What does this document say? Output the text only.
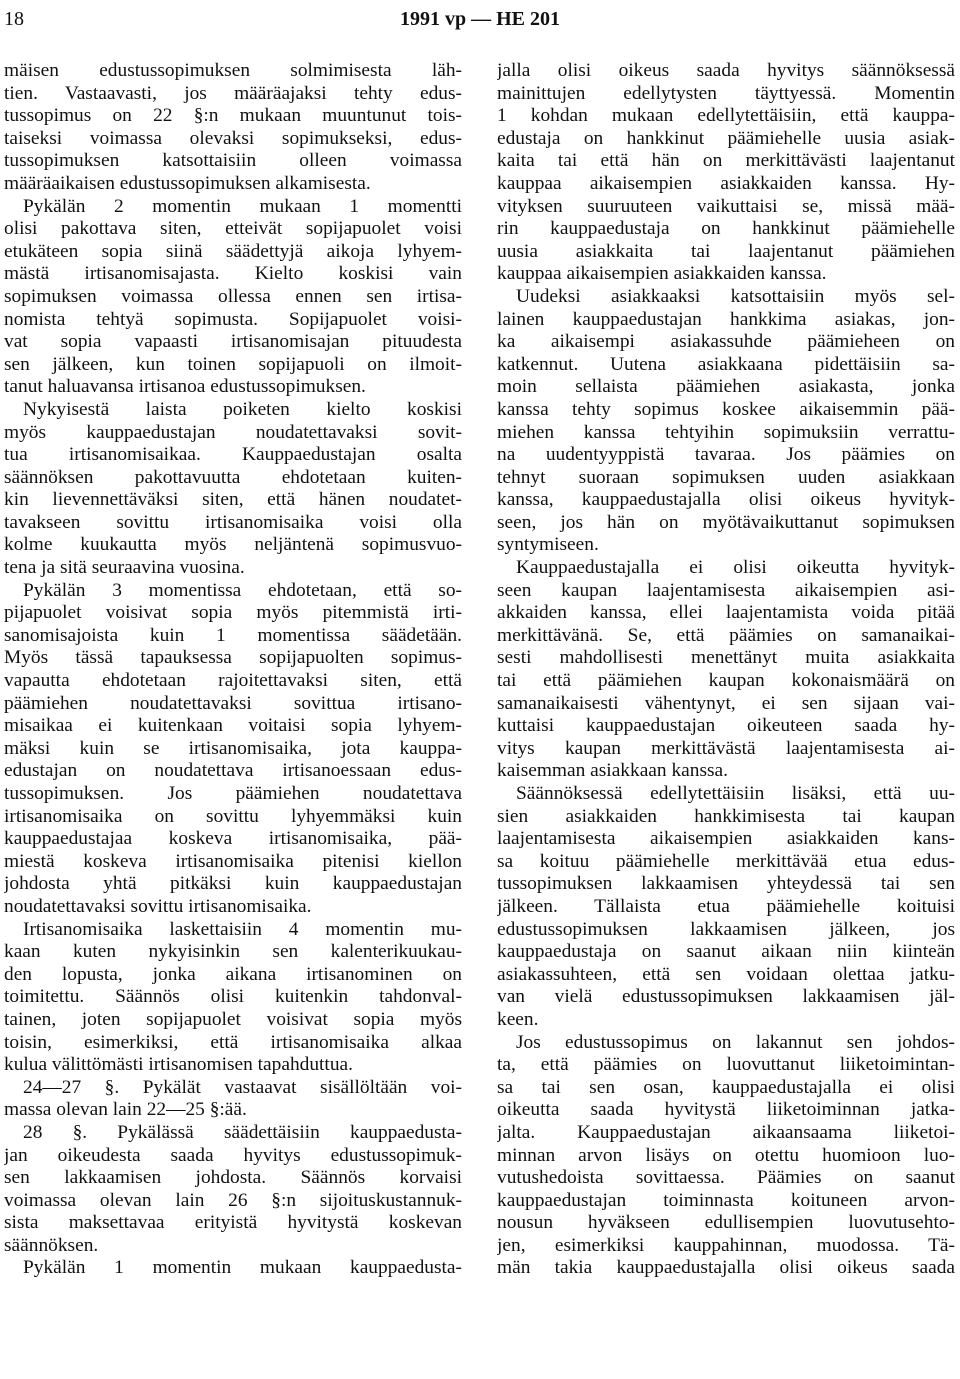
18	1991 vp — HE 201
mäisen edustussopimuksen solmimisesta läh-
tien. Vastaavasti, jos määräajaksi tehty edus-
tussopimus on 22 §:n mukaan muuntunut tois-
taiseksi voimassa olevaksi sopimukseksi, edus-
tussopimuksen katsottaisiin olleen voimassa
määräaikaisen edustussopimuksen alkamisesta.
Pykälän 2 momentin mukaan 1 momentti
olisi pakottava siten, etteivät sopijapuolet voisi
etukäteen sopia siinä säädettyjä aikoja lyhyem-
mästä irtisanomisajasta. Kielto koskisi vain
sopimuksen voimassa ollessa ennen sen irtisa-
nomista tehtyä sopimusta. Sopijapuolet voisi-
vat sopia vapaasti irtisanomisajan pituudesta
sen jälkeen, kun toinen sopijapuoli on ilmoit-
tanut haluavansa irtisanoa edustussopimuksen.
Nykyisestä laista poiketen kielto koskisi
myös kauppaedustajan noudatettavaksi sovit-
tua irtisanomisaikaa. Kauppaedustajan osalta
säännöksen pakottavuutta ehdotetaan kuiten-
kin lievennettäväksi siten, että hänen noudatet-
tavakseen sovittu irtisanomisaika voisi olla
kolme kuukautta myös neljäntenä sopimusvuo-
tena ja sitä seuraavina vuosina.
Pykälän 3 momentissa ehdotetaan, että so-
pijapuolet voisivat sopia myös pitemmistä irti-
sanomisajoista kuin 1 momentissa säädetään.
Myös tässä tapauksessa sopijapuolten sopimus-
vapautta ehdotetaan rajoitettavaksi siten, että
päämiehen noudatettavaksi sovittua irtisano-
misaikaa ei kuitenkaan voitaisi sopia lyhyem-
mäksi kuin se irtisanomisaika, jota kauppa-
edustajan on noudatettava irtisanoessaan edus-
tussopimuksen. Jos päämiehen noudatettava
irtisanomisaika on sovittu lyhyemmäksi kuin
kauppaedustajaa koskeva irtisanomisaika, pää-
miestä koskeva irtisanomisaika pitenisi kiellon
johdosta yhtä pitkäksi kuin kauppaedustajan
noudatettavaksi sovittu irtisanomisaika.
Irtisanomisaika laskettaisiin 4 momentin mu-
kaan kuten nykyisinkin sen kalenterikuukau-
den lopusta, jonka aikana irtisanominen on
toimitettu. Säännös olisi kuitenkin tahdonval-
tainen, joten sopijapuolet voisivat sopia myös
toisin, esimerkiksi, että irtisanomisaika alkaa
kulua välittömästi irtisanomisen tapahduttua.
24—27 §. Pykälät vastaavat sisällöltään voi-
massa olevan lain 22—25 §:ää.
28 §. Pykälässä säädettäisiin kauppaedusta-
jan oikeudesta saada hyvitys edustussopimuk-
sen lakkaamisen johdosta. Säännös korvaisi
voimassa olevan lain 26 §:n sijoituskustannuk-
sista maksettavaa erityistä hyvitystä koskevan
säännöksen.
Pykälän 1 momentin mukaan kauppaedusta-
jalla olisi oikeus saada hyvitys säännöksessä
mainittujen edellytysten täyttyessä. Momentin
1 kohdan mukaan edellytettäisiin, että kauppa-
edustaja on hankkinut päämiehelle uusia asiak-
kaita tai että hän on merkittävästi laajentanut
kauppaa aikaisempien asiakkaiden kanssa. Hy-
vityksen suuruuteen vaikuttaisi se, missä mää-
rin kauppaedustaja on hankkinut päämiehelle
uusia asiakkaita tai laajentanut päämiehen
kauppaa aikaisempien asiakkaiden kanssa.
Uudeksi asiakkaaksi katsottaisiin myös sel-
lainen kauppaedustajan hankkima asiakas, jon-
ka aikaisempi asiakassuhde päämieheen on
katkennut. Uutena asiakkaana pidettäisiin sa-
moin sellaista päämiehen asiakasta, jonka
kanssa tehty sopimus koskee aikaisemmin pää-
miehen kanssa tehtyihin sopimuksiin verrattu-
na uudentyyppistä tavaraa. Jos päämies on
tehnyt suoraan sopimuksen uuden asiakkaan
kanssa, kauppaedustajalla olisi oikeus hyvityk-
seen, jos hän on myötävaikuttanut sopimuksen
syntymiseen.
Kauppaedustajalla ei olisi oikeutta hyvityk-
seen kaupan laajentamisesta aikaisempien asi-
akkaiden kanssa, ellei laajentamista voida pitää
merkittävänä. Se, että päämies on samanaikai-
sesti mahdollisesti menettänyt muita asiakkaita
tai että päämiehen kaupan kokonaismäärä on
samanaikaisesti vähentynyt, ei sen sijaan vai-
kuttaisi kauppaedustajan oikeuteen saada hy-
vitys kaupan merkittävästä laajentamisesta ai-
kaisemman asiakkaan kanssa.
Säännöksessä edellytettäisiin lisäksi, että uu-
sien asiakkaiden hankkimisesta tai kaupan
laajentamisesta aikaisempien asiakkaiden kans-
sa koituu päämiehelle merkittävää etua edus-
tussopimuksen lakkaamisen yhteydessä tai sen
jälkeen. Tällaista etua päämiehelle koituisi
edustussopimuksen lakkaamisen jälkeen, jos
kauppaedustaja on saanut aikaan niin kiinteän
asiakassuhteen, että sen voidaan olettaa jatku-
van vielä edustussopimuksen lakkaamisen jäl-
keen.
Jos edustussopimus on lakannut sen johdos-
ta, että päämies on luovuttanut liiketoimintan-
sa tai sen osan, kauppaedustajalla ei olisi
oikeutta saada hyvitystä liiketoiminnan jatka-
jalta. Kauppaedustajan aikaansaama liiketoi-
minnan arvon lisäys on otettu huomioon luo-
vutushedoista sovittaessa. Päämies on saanut
kauppaedustajan toiminnasta koituneen arvon-
nousun hyväkseen edullisempien luovutusehto-
jen, esimerkiksi kauppahinnan, muodossa. Tä-
män takia kauppaedustajalla olisi oikeus saada
